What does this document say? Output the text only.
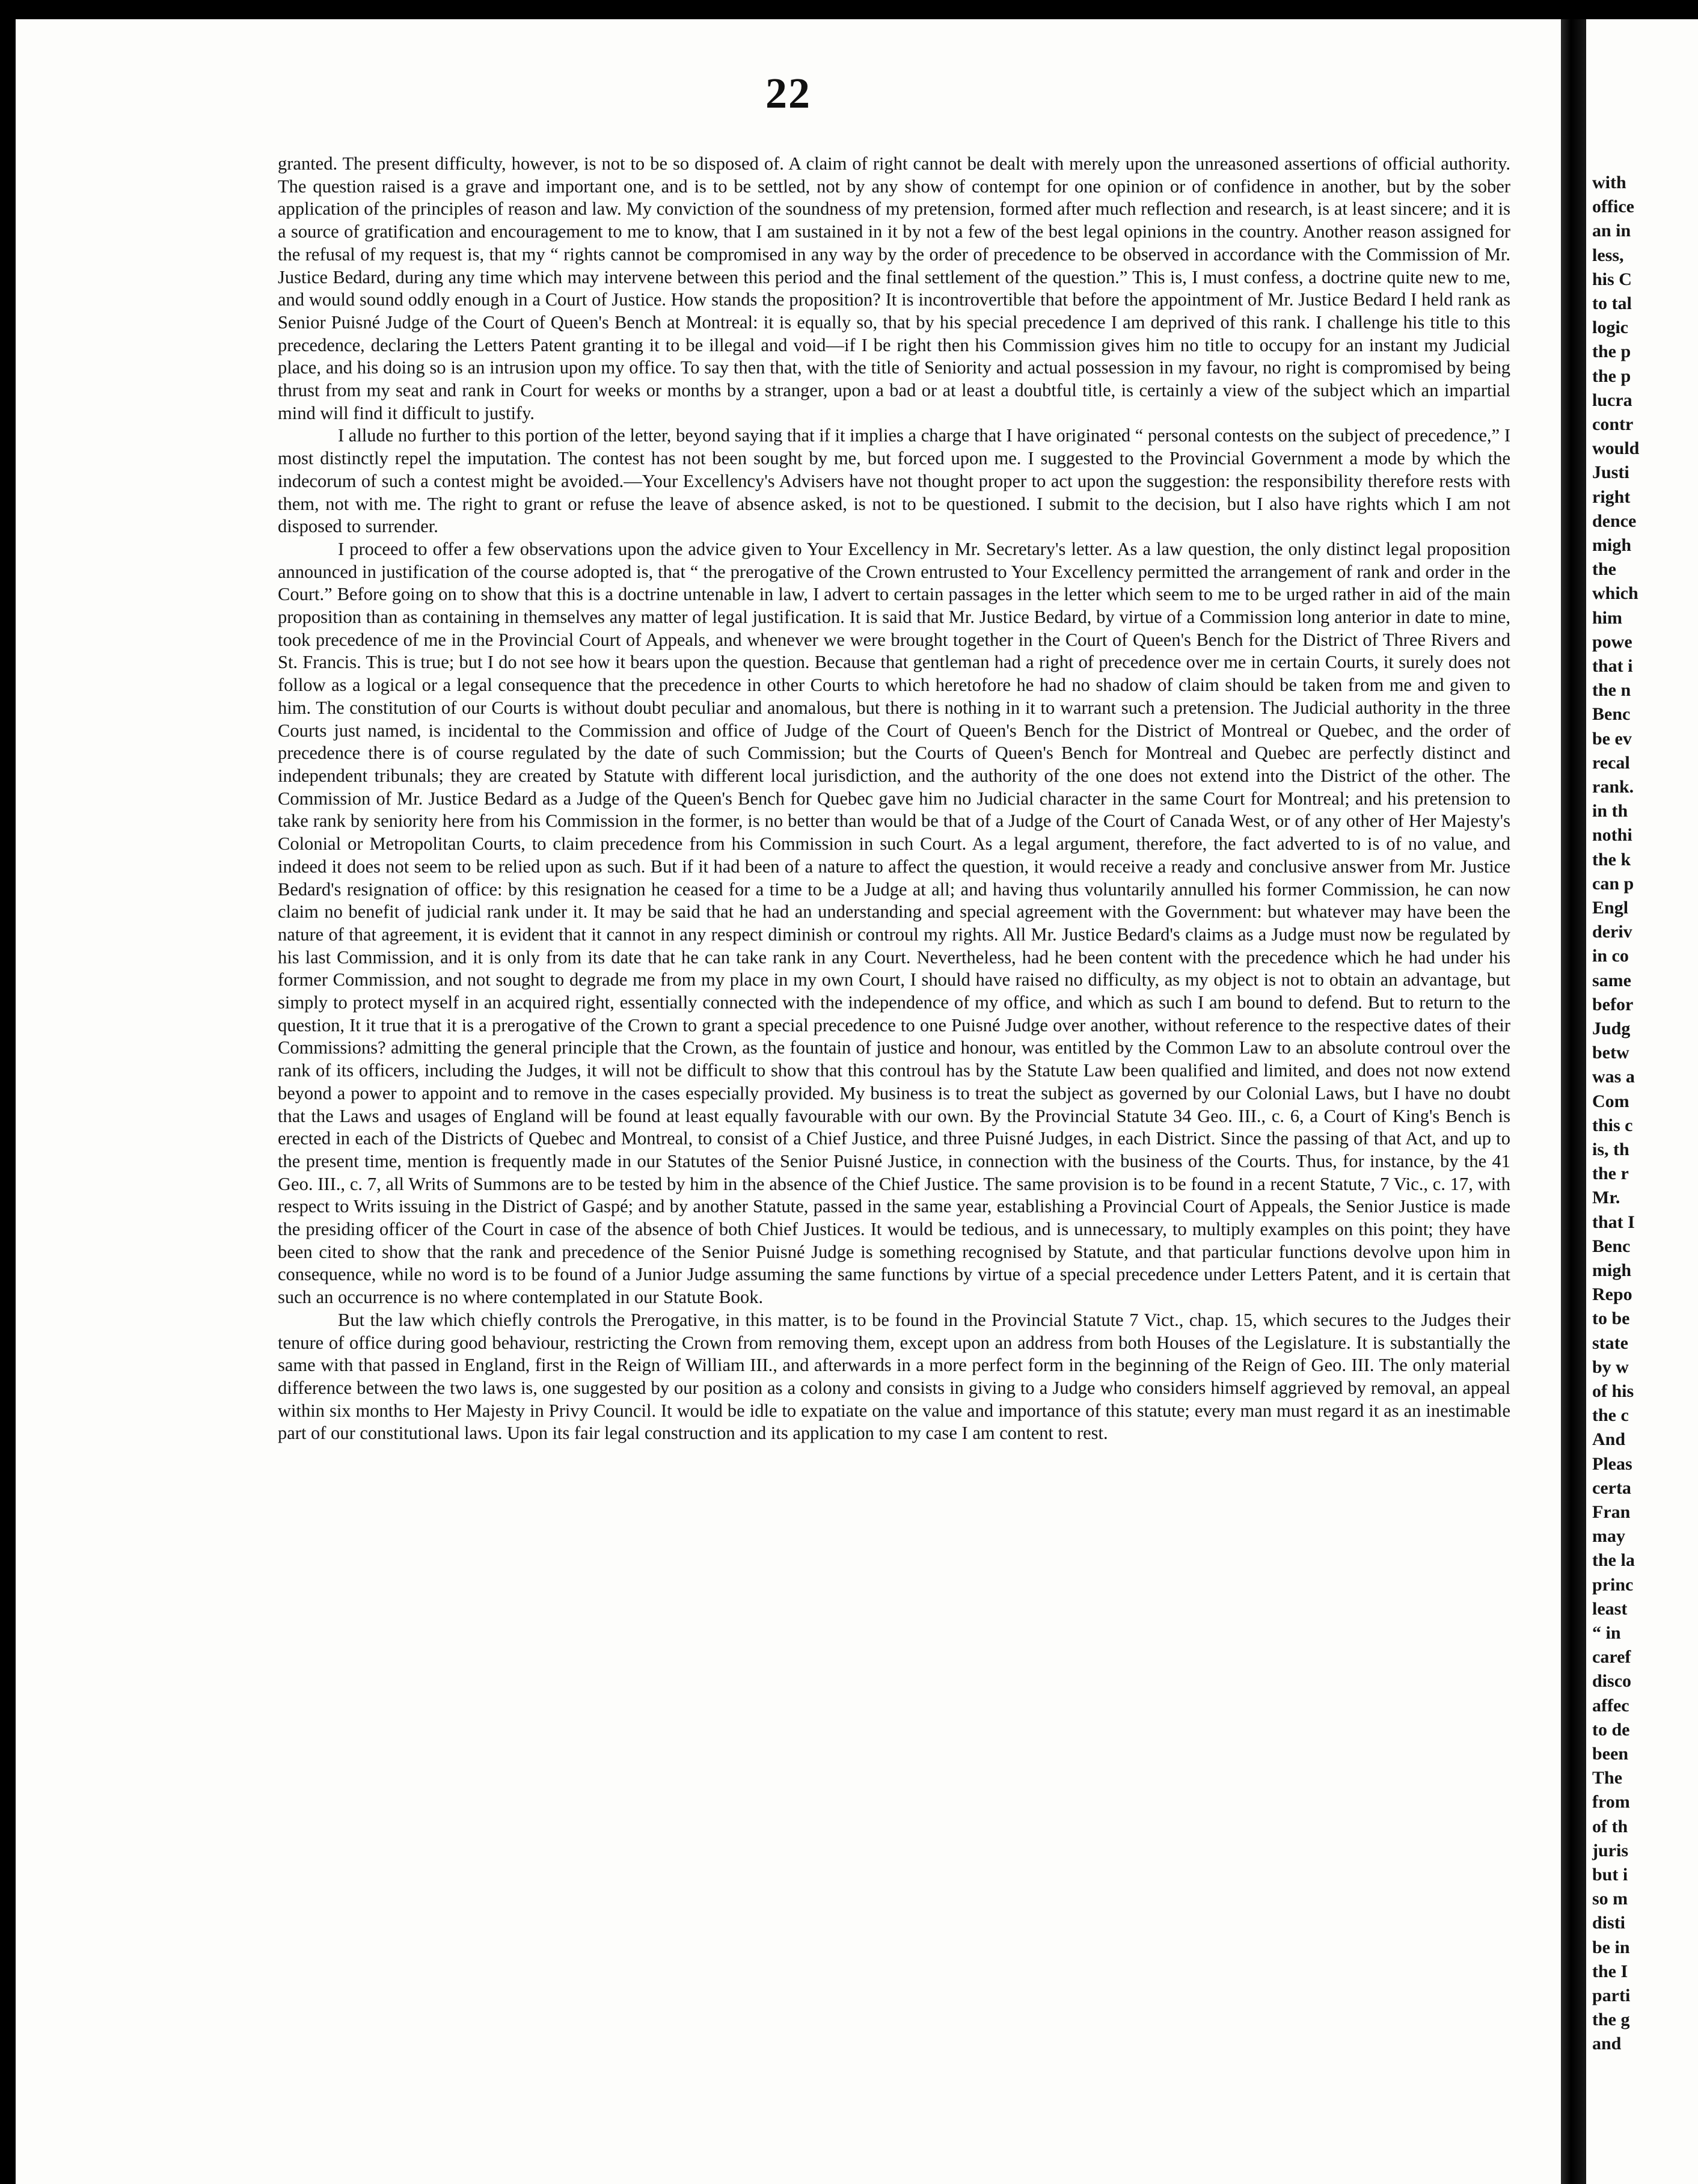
22

granted. The present difficulty, however, is not to be so disposed of. A claim of right cannot be dealt with merely upon the unreasoned assertions of official authority. The question raised is a grave and important one, and is to be settled, not by any show of contempt for one opinion or of confidence in another, but by the sober application of the principles of reason and law. My conviction of the soundness of my pretension, formed after much reflection and research, is at least sincere; and it is a source of gratification and encouragement to me to know, that I am sustained in it by not a few of the best legal opinions in the country. Another reason assigned for the refusal of my request is, that my “ rights cannot be compromised in any way by the order of precedence to be observed in accordance with the Commission of Mr. Justice Bedard, during any time which may intervene between this period and the final settlement of the question.” This is, I must confess, a doctrine quite new to me, and would sound oddly enough in a Court of Justice. How stands the proposition? It is incontrovertible that before the appointment of Mr. Justice Bedard I held rank as Senior Puisné Judge of the Court of Queen's Bench at Montreal: it is equally so, that by his special precedence I am deprived of this rank. I challenge his title to this precedence, declaring the Letters Patent granting it to be illegal and void—if I be right then his Commission gives him no title to occupy for an instant my Judicial place, and his doing so is an intrusion upon my office. To say then that, with the title of Seniority and actual possession in my favour, no right is compromised by being thrust from my seat and rank in Court for weeks or months by a stranger, upon a bad or at least a doubtful title, is certainly a view of the subject which an impartial mind will find it difficult to justify.

I allude no further to this portion of the letter, beyond saying that if it implies a charge that I have originated “ personal contests on the subject of precedence,” I most distinctly repel the imputation. The contest has not been sought by me, but forced upon me. I suggested to the Provincial Government a mode by which the indecorum of such a contest might be avoided.—Your Excellency's Advisers have not thought proper to act upon the suggestion: the responsibility therefore rests with them, not with me. The right to grant or refuse the leave of absence asked, is not to be questioned. I submit to the decision, but I also have rights which I am not disposed to surrender.

I proceed to offer a few observations upon the advice given to Your Excellency in Mr. Secretary's letter. As a law question, the only distinct legal proposition announced in justification of the course adopted is, that “ the prerogative of the Crown entrusted to Your Excellency permitted the arrangement of rank and order in the Court.” Before going on to show that this is a doctrine untenable in law, I advert to certain passages in the letter which seem to me to be urged rather in aid of the main proposition than as containing in themselves any matter of legal justification. It is said that Mr. Justice Bedard, by virtue of a Commission long anterior in date to mine, took precedence of me in the Provincial Court of Appeals, and whenever we were brought together in the Court of Queen's Bench for the District of Three Rivers and St. Francis. This is true; but I do not see how it bears upon the question. Because that gentleman had a right of precedence over me in certain Courts, it surely does not follow as a logical or a legal consequence that the precedence in other Courts to which heretofore he had no shadow of claim should be taken from me and given to him. The constitution of our Courts is without doubt peculiar and anomalous, but there is nothing in it to warrant such a pretension. The Judicial authority in the three Courts just named, is incidental to the Commission and office of Judge of the Court of Queen's Bench for the District of Montreal or Quebec, and the order of precedence there is of course regulated by the date of such Commission; but the Courts of Queen's Bench for Montreal and Quebec are perfectly distinct and independent tribunals; they are created by Statute with different local jurisdiction, and the authority of the one does not extend into the District of the other. The Commission of Mr. Justice Bedard as a Judge of the Queen's Bench for Quebec gave him no Judicial character in the same Court for Montreal; and his pretension to take rank by seniority here from his Commission in the former, is no better than would be that of a Judge of the Court of Canada West, or of any other of Her Majesty's Colonial or Metropolitan Courts, to claim precedence from his Commission in such Court. As a legal argument, therefore, the fact adverted to is of no value, and indeed it does not seem to be relied upon as such. But if it had been of a nature to affect the question, it would receive a ready and conclusive answer from Mr. Justice Bedard's resignation of office: by this resignation he ceased for a time to be a Judge at all; and having thus voluntarily annulled his former Commission, he can now claim no benefit of judicial rank under it. It may be said that he had an understanding and special agreement with the Government: but whatever may have been the nature of that agreement, it is evident that it cannot in any respect diminish or controul my rights. All Mr. Justice Bedard's claims as a Judge must now be regulated by his last Commission, and it is only from its date that he can take rank in any Court. Nevertheless, had he been content with the precedence which he had under his former Commission, and not sought to degrade me from my place in my own Court, I should have raised no difficulty, as my object is not to obtain an advantage, but simply to protect myself in an acquired right, essentially connected with the independence of my office, and which as such I am bound to defend. But to return to the question, It it true that it is a prerogative of the Crown to grant a special precedence to one Puisné Judge over another, without reference to the respective dates of their Commissions? admitting the general principle that the Crown, as the fountain of justice and honour, was entitled by the Common Law to an absolute controul over the rank of its officers, including the Judges, it will not be difficult to show that this controul has by the Statute Law been qualified and limited, and does not now extend beyond a power to appoint and to remove in the cases especially provided. My business is to treat the subject as governed by our Colonial Laws, but I have no doubt that the Laws and usages of England will be found at least equally favourable with our own. By the Provincial Statute 34 Geo. III., c. 6, a Court of King's Bench is erected in each of the Districts of Quebec and Montreal, to consist of a Chief Justice, and three Puisné Judges, in each District. Since the passing of that Act, and up to the present time, mention is frequently made in our Statutes of the Senior Puisné Justice, in connection with the business of the Courts. Thus, for instance, by the 41 Geo. III., c. 7, all Writs of Summons are to be tested by him in the absence of the Chief Justice. The same provision is to be found in a recent Statute, 7 Vic., c. 17, with respect to Writs issuing in the District of Gaspé; and by another Statute, passed in the same year, establishing a Provincial Court of Appeals, the Senior Justice is made the presiding officer of the Court in case of the absence of both Chief Justices. It would be tedious, and is unnecessary, to multiply examples on this point; they have been cited to show that the rank and precedence of the Senior Puisné Judge is something recognised by Statute, and that particular functions devolve upon him in consequence, while no word is to be found of a Junior Judge assuming the same functions by virtue of a special precedence under Letters Patent, and it is certain that such an occurrence is no where contemplated in our Statute Book.

But the law which chiefly controls the Prerogative, in this matter, is to be found in the Provincial Statute 7 Vict., chap. 15, which secures to the Judges their tenure of office during good behaviour, restricting the Crown from removing them, except upon an address from both Houses of the Legislature. It is substantially the same with that passed in England, first in the Reign of William III., and afterwards in a more perfect form in the beginning of the Reign of Geo. III. The only material difference between the two laws is, one suggested by our position as a colony and consists in giving to a Judge who considers himself aggrieved by removal, an appeal within six months to Her Majesty in Privy Council. It would be idle to expatiate on the value and importance of this statute; every man must regard it as an inestimable part of our constitutional laws. Upon its fair legal construction and its application to my case I am content to rest.

with
office
an in
less,
his C
to tal
logic
the p
the p
lucra
contr
would
Justi
right
dence
migh
the
which
him
powe
that i
the n
Benc
be ev
recal
rank.
in th
nothi
the k
can p
Engl
deriv
in co
same
befor
Judg
betw
was a
Com
this c
is, th
the r
Mr.
that I
Benc
migh
Repo
to be
state
by w
of his
the c
And
Pleas
certa
Fran
may
the la
princ
least
“ in
caref
disco
affec
to de
been
The
from
of th
juris
but i
so m
disti
be in
the I
parti
the g
and
